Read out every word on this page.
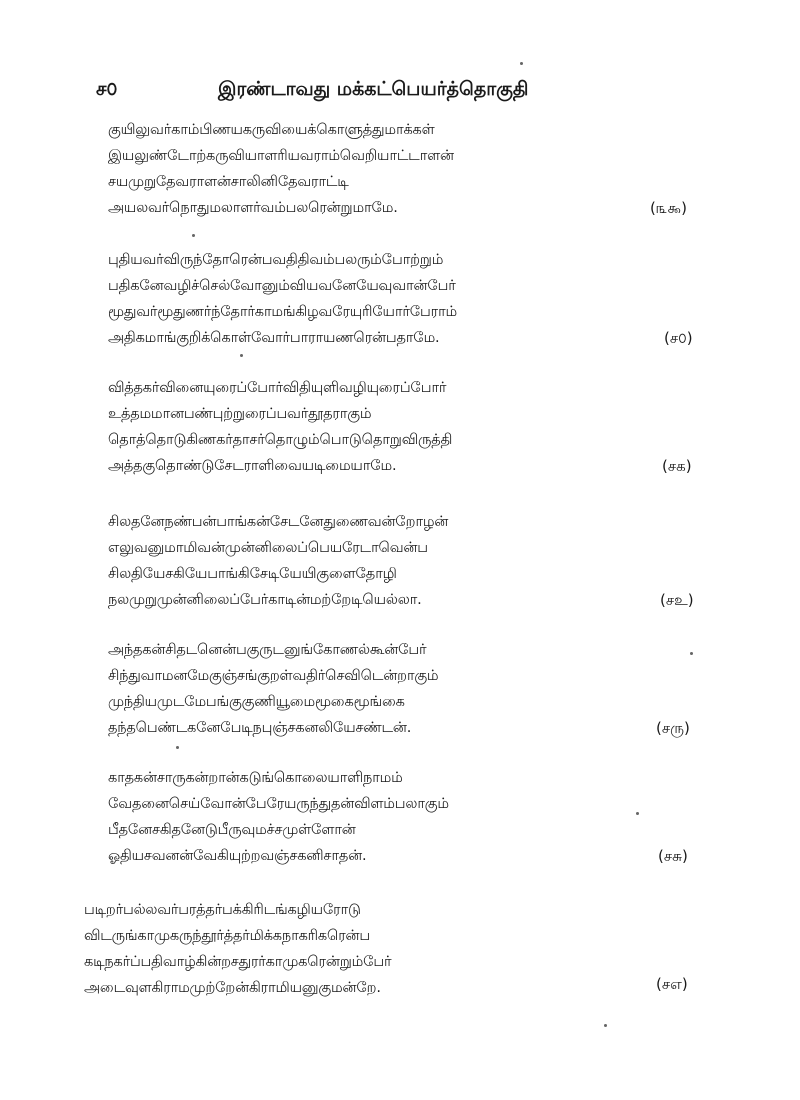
ச௦	இரண்டாவது மக்கட்பெயர்த்தொகுதி
குயிலுவர்காம்பிணயகருவியைக்கொளுத்துமாக்கள்
இயலுண்டோற்கருவியாளரியவராம்வெறியாட்டாளன்
சயமுறுதேவராளன்சாலினிதேவராட்டி
அயலவர்நொதுமலாளர்வம்பலரென்றுமாமே.	(௩௯)
புதியவர்விருந்தோரென்பவதிதிவம்பலரும்போற்றும்
பதிகனேவழிச்செல்வோனும்வியவனேயேவுவான்பேர்
மூதுவர்மூதுணர்ந்தோர்காமங்கிழவரேயுரியோர்பேராம்
அதிகமாங்குறிக்கொள்வோர்பாராயணரென்பதாமே.	(ச௦)
வித்தகர்வினையுரைப்போர்விதியுளிவழியுரைப்போர்
உத்தமமானபண்புற்றுரைப்பவர்தூதராகும்
தொத்தொடுகிணகர்தாசர்தொழும்பொடுதொறுவிருத்தி
அத்தகுதொண்டுசேடராளிவையடிமையாமே.	(சக)
சிலதனேநண்பன்பாங்கன்சேடனேதுணைவன்றோழன்
எலுவனுமாமிவன்முன்னிலைப்பெயரேடாவென்ப
சிலதியேசகியேபாங்கிசேடியேயிகுளைதோழி
நலமுறுமுன்னிலைப்பேர்காடின்மற்றேடியெல்லா.	(சஉ)
அந்தகன்சிதடனென்பகுருடனுங்கோணல்கூன்பேர்
சிந்துவாமனமேகுஞ்சங்குறள்வதிர்செவிடென்றாகும்
முந்தியமுடமேபங்குகுணியூமைமூகைமூங்கை
தந்தபெண்டகனேபேடிநபுஞ்சகனலியேசண்டன்.	(சரு)
காதகன்சாருகன்றான்கடுங்கொலையாளிநாமம்
வேதனைசெய்வோன்பேரேயருந்துதன்விளம்பலாகும்
பீதனேசகிதனேடுபீருவுமச்சமுள்ளோன்
ஓதியசவனன்வேகியுற்றவஞ்சகனிசாதன்.	(சசு)
படிறர்பல்லவர்பரத்தர்பக்கிரிடங்கழியரோடு
விடருங்காமுகருந்தூர்த்தர்மிக்கநாகரிகரென்ப
கடிநகர்ப்பதிவாழ்கின்றசதுரர்காமுகரென்றும்பேர்
அடைவுளகிராமமுற்றேன்கிராமியனுகுமன்றே.	(சஎ)
